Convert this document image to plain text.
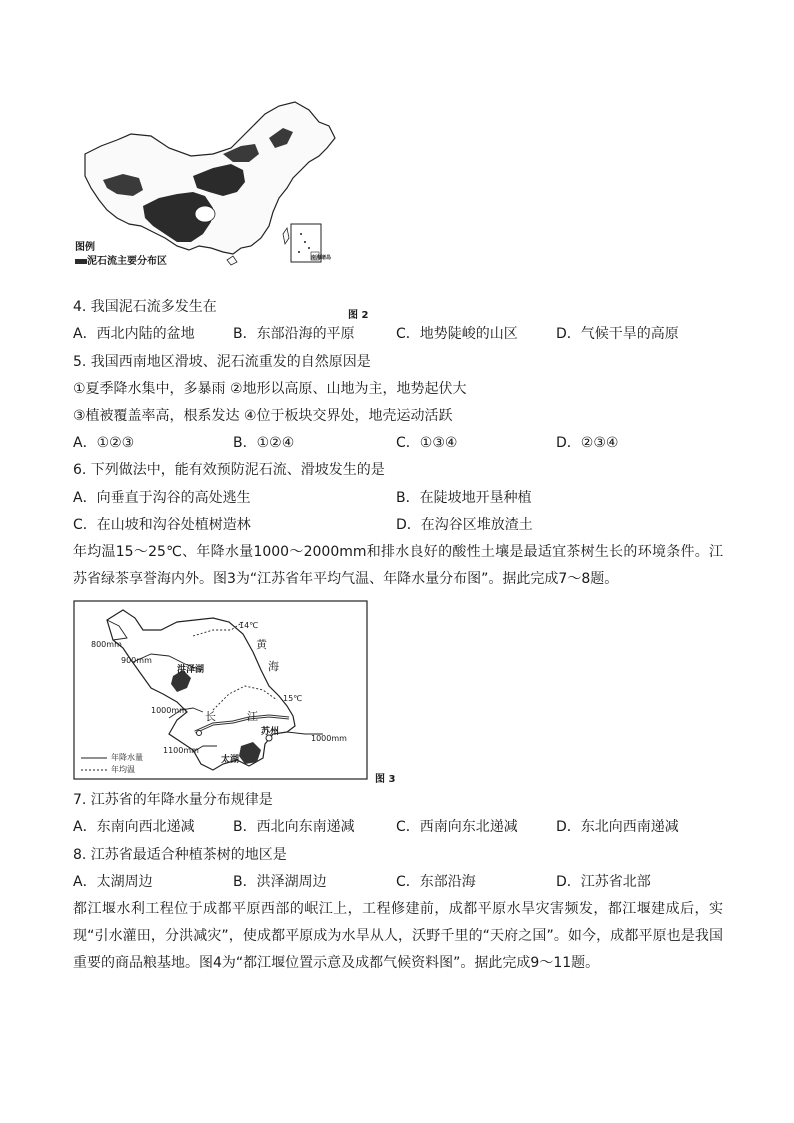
图例
泥石流主要分布区	南海诸岛
图 2
4. 我国泥石流多发生在
A．西北内陆的盆地	B．东部沿海的平原	C．地势陡峻的山区	D．气候干旱的高原
5. 我国西南地区滑坡、泥石流重发的自然原因是
①夏季降水集中，多暴雨 ②地形以高原、山地为主，地势起伏大
③植被覆盖率高，根系发达 ④位于板块交界处，地壳运动活跃
A．①②③	B．①②④	C．①③④	D．②③④
6. 下列做法中，能有效预防泥石流、滑坡发生的是
A．向垂直于沟谷的高处逃生	B．在陡坡地开垦种植
C．在山坡和沟谷处植树造林	D．在沟谷区堆放渣土
年均温15～25℃、年降水量1000～2000mm和排水良好的酸性土壤是最适宜茶树生长的环境条件。江苏省绿茶享誉海内外。图3为“江苏省年平均气温、年降水量分布图”。据此完成7～8题。
800mm
900mm
14℃
黄
海
洪泽湖
15℃
1000mm 长	江
苏州
1000mm
1100mm
太湖
年降水量
年均温
图 3
7. 江苏省的年降水量分布规律是
A．东南向西北递减	B．西北向东南递减	C．西南向东北递减	D．东北向西南递减
8. 江苏省最适合种植茶树的地区是
A．太湖周边	B．洪泽湖周边	C．东部沿海	D．江苏省北部
都江堰水利工程位于成都平原西部的岷江上，工程修建前，成都平原水旱灾害频发，都江堰建成后，实现“引水灌田，分洪减灾”，使成都平原成为水旱从人，沃野千里的“天府之国”。如今，成都平原也是我国重要的商品粮基地。图4为“都江堰位置示意及成都气候资料图”。据此完成9～11题。
